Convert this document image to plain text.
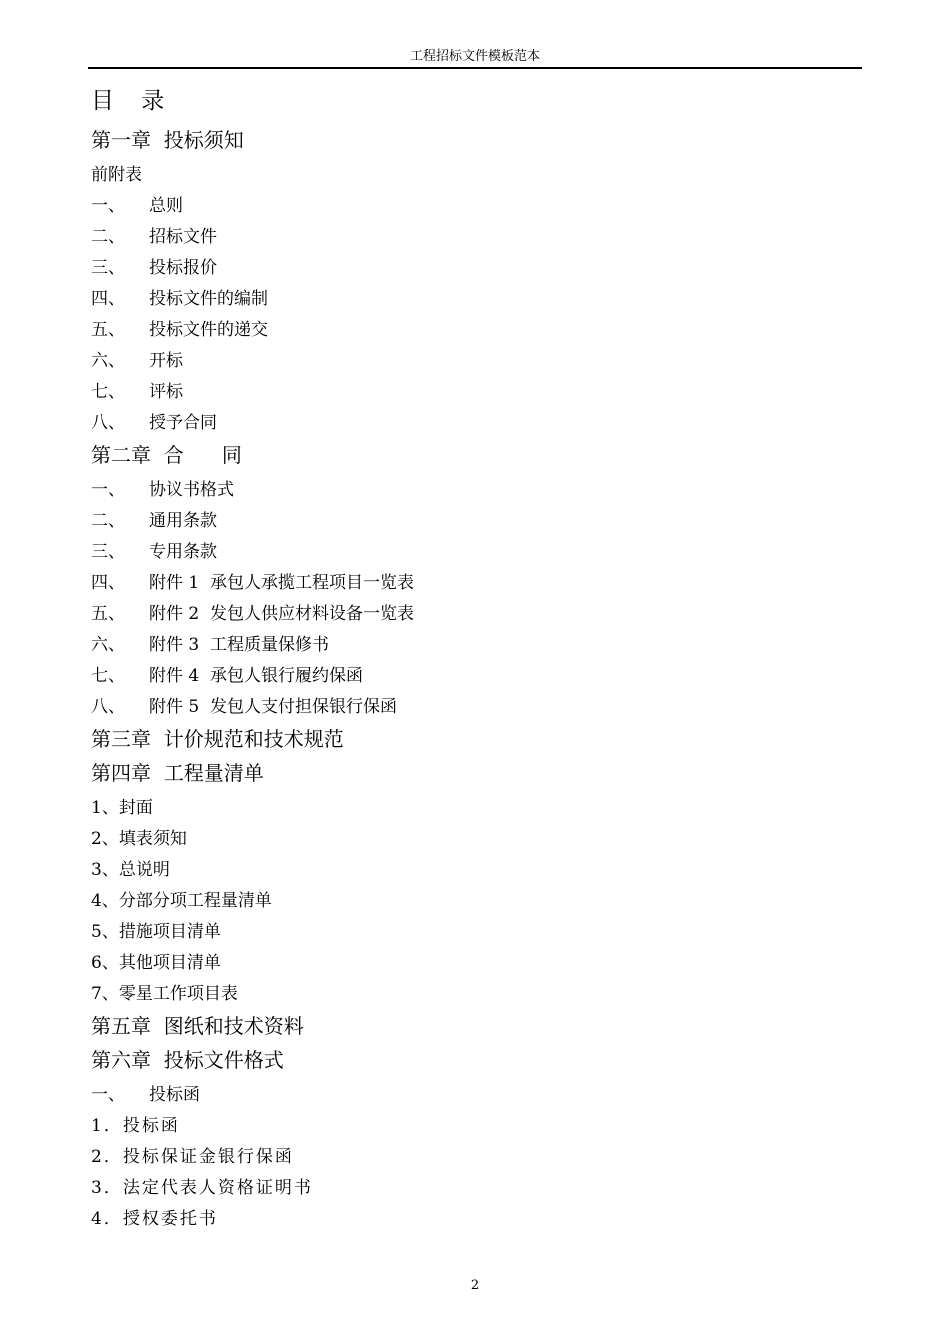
工程招标文件模板范本
目 录
第一章  投标须知
前附表
一、 总则
二、 招标文件
三、 投标报价
四、 投标文件的编制
五、 投标文件的递交
六、 开标
七、 评标
八、 授予合同
第二章  合      同
一、 协议书格式
二、 通用条款
三、 专用条款
四、 附件 1  承包人承揽工程项目一览表
五、 附件 2  发包人供应材料设备一览表
六、 附件 3  工程质量保修书
七、 附件 4  承包人银行履约保函
八、 附件 5  发包人支付担保银行保函
第三章  计价规范和技术规范
第四章  工程量清单
1、封面
2、填表须知
3、总说明
4、分部分项工程量清单
5、措施项目清单
6、其他项目清单
7、零星工作项目表
第五章  图纸和技术资料
第六章  投标文件格式
一、 投标函
1．投标函
2．投标保证金银行保函
3．法定代表人资格证明书
4．授权委托书
2
